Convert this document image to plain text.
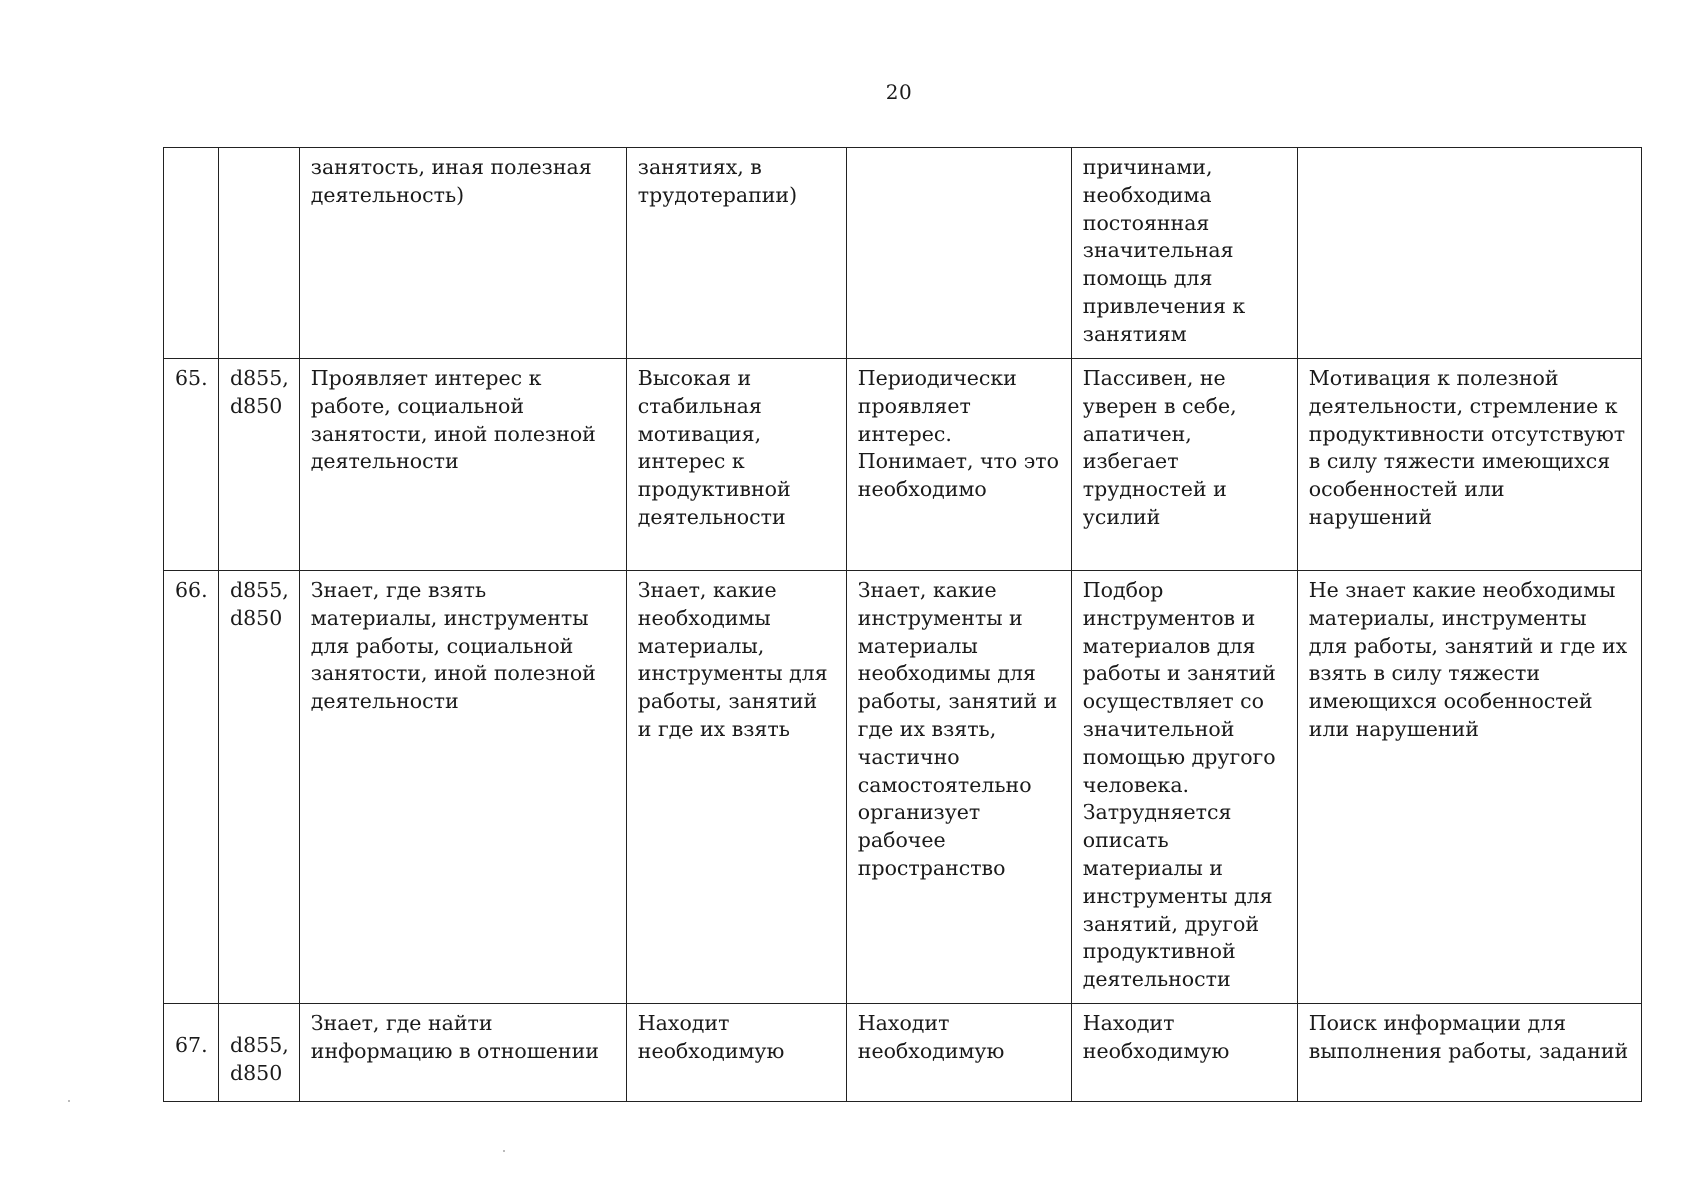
20
		занятость, иная полезная деятельность)	занятиях, в трудотерапии)		причинами, необходима постоянная значительная помощь для привлечения к занятиям	
65.	d855, d850	Проявляет интерес к работе, социальной занятости, иной полезной деятельности	Высокая и стабильная мотивация, интерес к продуктивной деятельности	Периодически проявляет интерес. Понимает, что это необходимо	Пассивен, не уверен в себе, апатичен, избегает трудностей и усилий	Мотивация к полезной деятельности, стремление к продуктивности отсутствуют в силу тяжести имеющихся особенностей или нарушений
66.	d855, d850	Знает, где взять материалы, инструменты для работы, социальной занятости, иной полезной деятельности	Знает, какие необходимы материалы, инструменты для работы, занятий и где их взять	Знает, какие инструменты и материалы необходимы для работы, занятий и где их взять, частично самостоятельно организует рабочее пространство	Подбор инструментов и материалов для работы и занятий осуществляет со значительной помощью другого человека. Затрудняется описать материалы и инструменты для занятий, другой продуктивной деятельности	Не знает какие необходимы материалы, инструменты для работы, занятий и где их взять в силу тяжести имеющихся особенностей или нарушений
67.	d855, d850	Знает, где найти информацию в отношении	Находит необходимую	Находит необходимую	Находит необходимую	Поиск информации для выполнения работы, заданий
